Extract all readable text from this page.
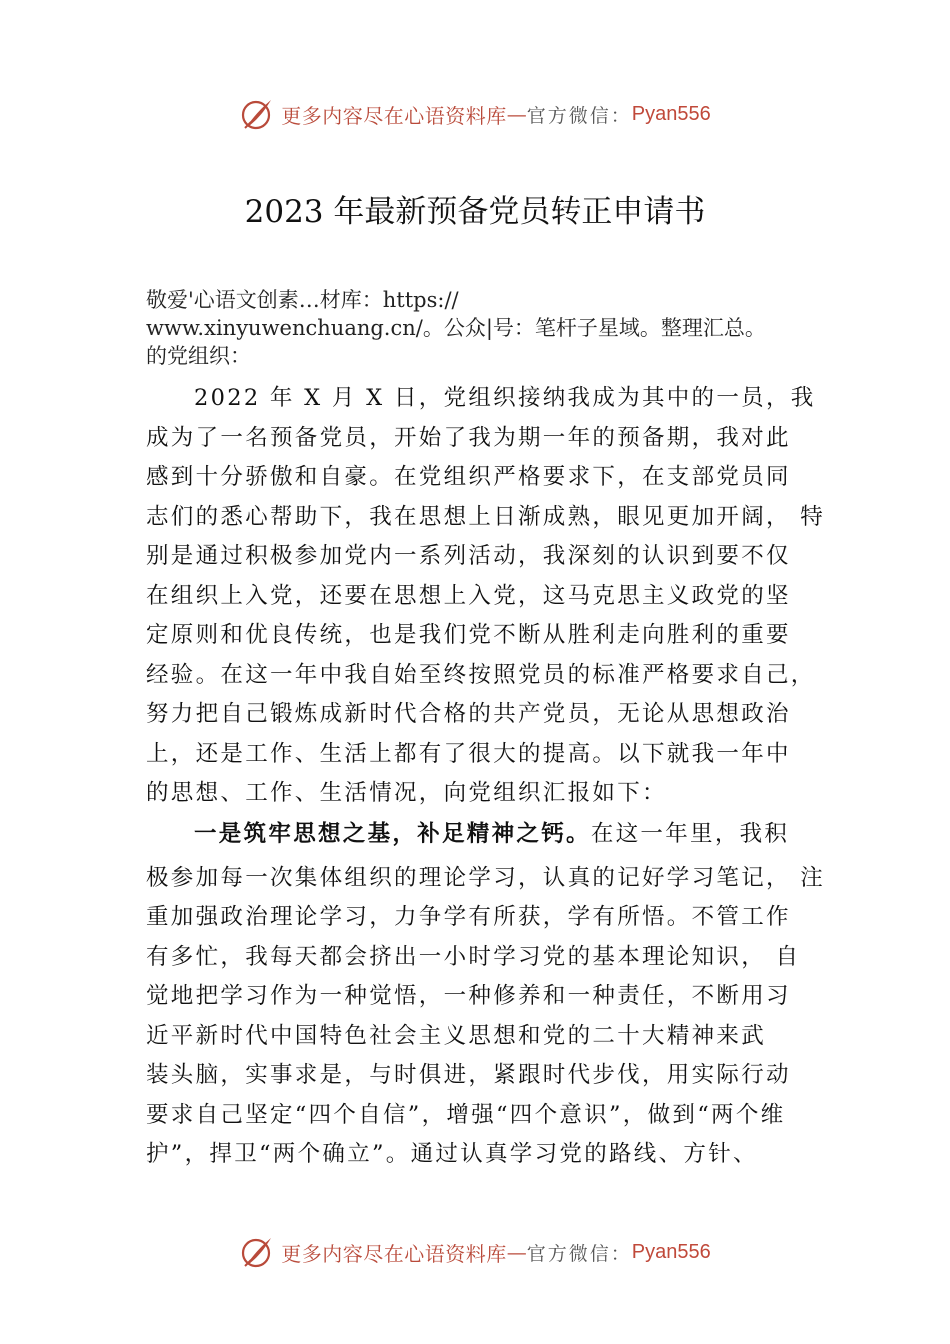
更多内容尽在心语资料库 — 官方微信： Pyan556
2023 年最新预备党员转正申请书
敬爱'心语文创素…材库：https://
www.xinyuwenchuang.cn/。公众|号：笔杆子星域。整理汇总。
的党组织：
2022 年 X 月 X 日，党组织接纳我成为其中的一员，我
成为了一名预备党员，开始了我为期一年的预备期，我对此
感到十分骄傲和自豪。在党组织严格要求下，在支部党员同
志们的悉心帮助下，我在思想上日渐成熟，眼见更加开阔， 特
别是通过积极参加党内一系列活动，我深刻的认识到要不仅
在组织上入党，还要在思想上入党，这马克思主义政党的坚
定原则和优良传统，也是我们党不断从胜利走向胜利的重要
经验。在这一年中我自始至终按照党员的标准严格要求自己，
努力把自己锻炼成新时代合格的共产党员，无论从思想政治
上，还是工作、生活上都有了很大的提高。以下就我一年中
的思想、工作、生活情况，向党组织汇报如下：
一是筑牢思想之基，补足精神之钙。在这一年里，我积
极参加每一次集体组织的理论学习，认真的记好学习笔记， 注
重加强政治理论学习，力争学有所获，学有所悟。不管工作
有多忙，我每天都会挤出一小时学习党的基本理论知识， 自
觉地把学习作为一种觉悟，一种修养和一种责任，不断用习
近平新时代中国特色社会主义思想和党的二十大精神来武
装头脑，实事求是，与时俱进，紧跟时代步伐，用实际行动
要求自己坚定“四个自信”，增强“四个意识”，做到“两个维
护”，捍卫“两个确立”。通过认真学习党的路线、方针、
更多内容尽在心语资料库 — 官方微信： Pyan556
